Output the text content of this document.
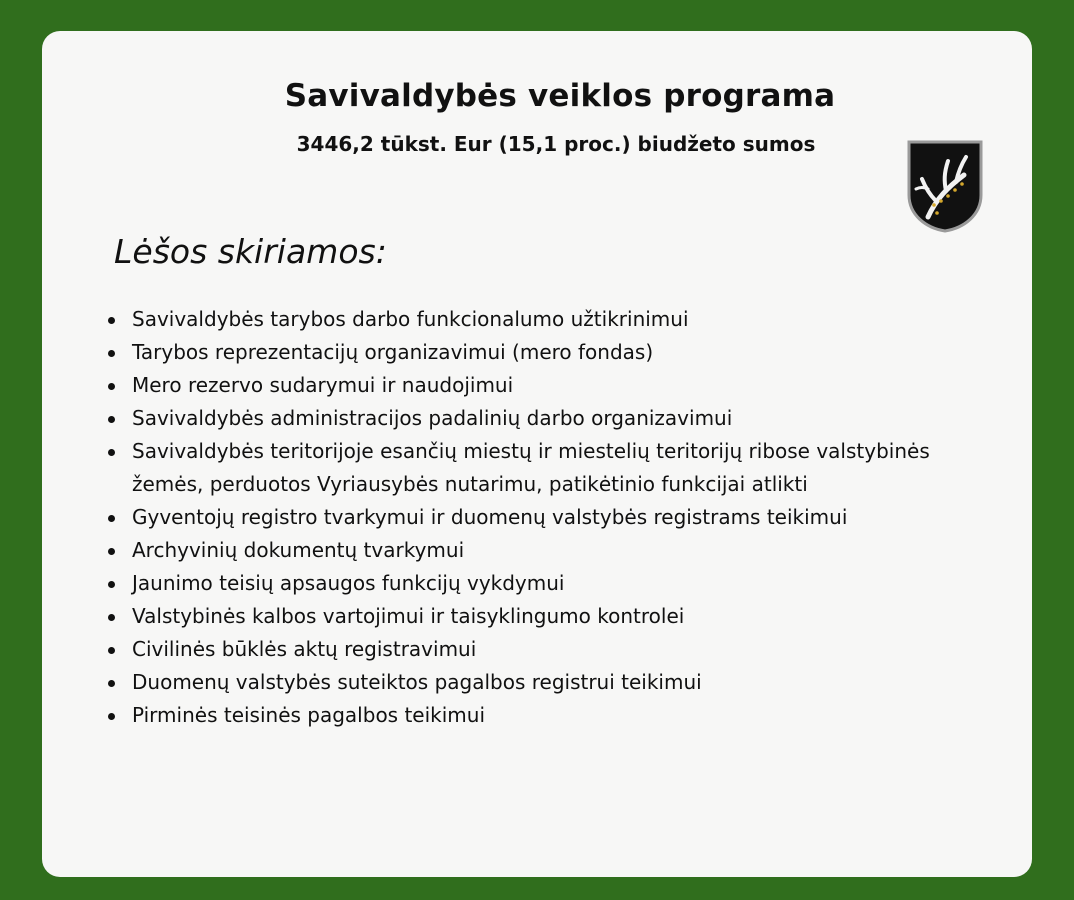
Savivaldybės veiklos programa
3446,2 tūkst. Eur (15,1 proc.) biudžeto sumos
Lėšos skiriamos:
Savivaldybės tarybos darbo funkcionalumo užtikrinimui
Tarybos reprezentacijų organizavimui (mero fondas)
Mero rezervo sudarymui ir naudojimui
Savivaldybės administracijos padalinių darbo organizavimui
Savivaldybės teritorijoje esančių miestų ir miestelių teritorijų ribose valstybinės žemės, perduotos Vyriausybės nutarimu, patikėtinio funkcijai atlikti
Gyventojų registro tvarkymui ir duomenų valstybės registrams teikimui
Archyvinių dokumentų tvarkymui
Jaunimo teisių apsaugos funkcijų vykdymui
Valstybinės kalbos vartojimui ir taisyklingumo kontrolei
Civilinės būklės aktų registravimui
Duomenų valstybės suteiktos pagalbos registrui teikimui
Pirminės teisinės pagalbos teikimui
